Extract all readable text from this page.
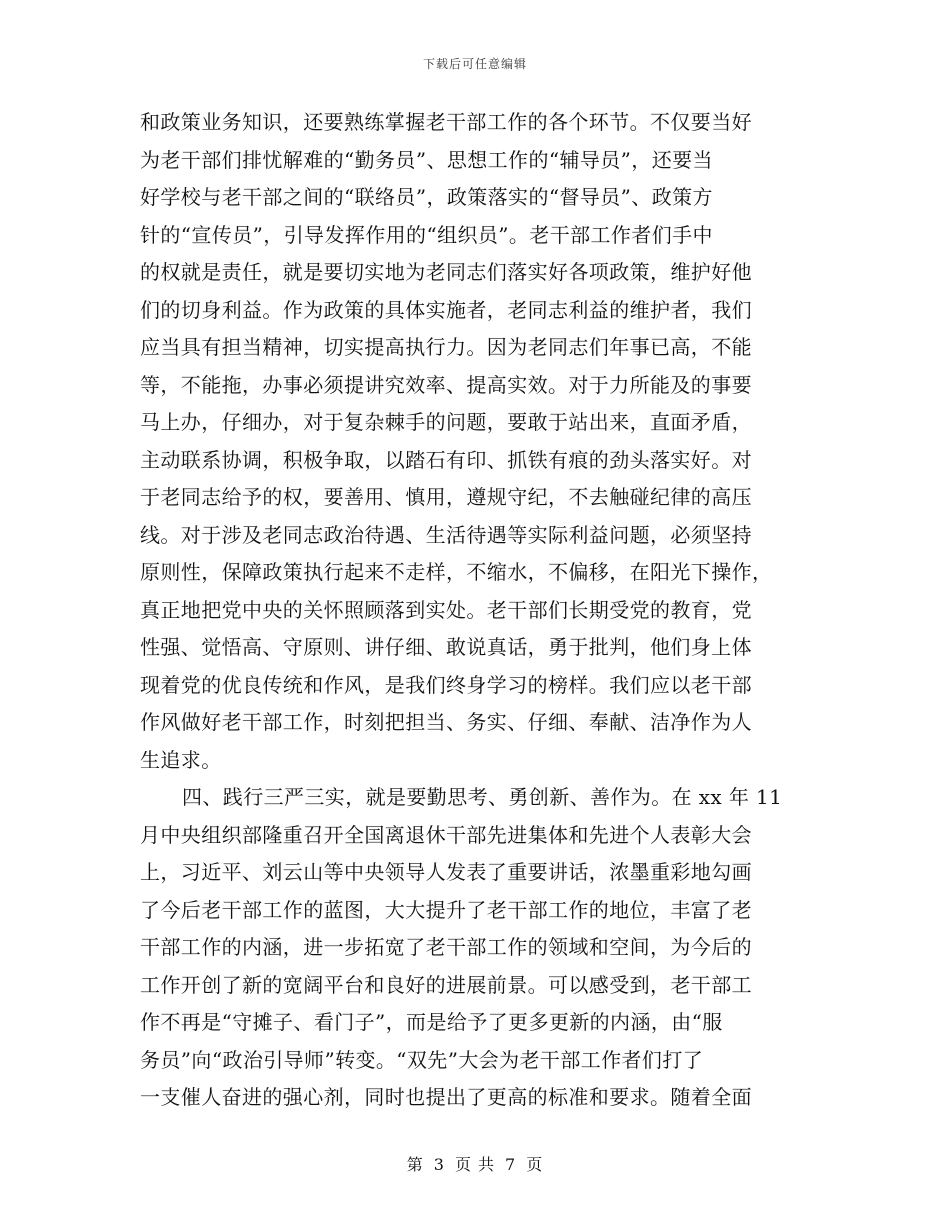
下载后可任意编辑
和政策业务知识，还要熟练掌握老干部工作的各个环节。不仅要当好
为老干部们排忧解难的“勤务员”、思想工作的“辅导员”，还要当
好学校与老干部之间的“联络员”，政策落实的“督导员”、政策方
针的“宣传员”，引导发挥作用的“组织员”。老干部工作者们手中
的权就是责任，就是要切实地为老同志们落实好各项政策，维护好他
们的切身利益。作为政策的具体实施者，老同志利益的维护者，我们
应当具有担当精神，切实提高执行力。因为老同志们年事已高，不能
等，不能拖，办事必须提讲究效率、提高实效。对于力所能及的事要
马上办，仔细办，对于复杂棘手的问题，要敢于站出来，直面矛盾，
主动联系协调，积极争取，以踏石有印、抓铁有痕的劲头落实好。对
于老同志给予的权，要善用、慎用，遵规守纪，不去触碰纪律的高压
线。对于涉及老同志政治待遇、生活待遇等实际利益问题，必须坚持
原则性，保障政策执行起来不走样，不缩水，不偏移，在阳光下操作，
真正地把党中央的关怀照顾落到实处。老干部们长期受党的教育，党
性强、觉悟高、守原则、讲仔细、敢说真话，勇于批判，他们身上体
现着党的优良传统和作风，是我们终身学习的榜样。我们应以老干部
作风做好老干部工作，时刻把担当、务实、仔细、奉献、洁净作为人
生追求。
四、践行三严三实，就是要勤思考、勇创新、善作为。在 xx 年 11
月中央组织部隆重召开全国离退休干部先进集体和先进个人表彰大会
上，习近平、刘云山等中央领导人发表了重要讲话，浓墨重彩地勾画
了今后老干部工作的蓝图，大大提升了老干部工作的地位，丰富了老
干部工作的内涵，进一步拓宽了老干部工作的领域和空间，为今后的
工作开创了新的宽阔平台和良好的进展前景。可以感受到，老干部工
作不再是“守摊子、看门子”，而是给予了更多更新的内涵，由“服
务员”向“政治引导师”转变。“双先”大会为老干部工作者们打了
一支催人奋进的强心剂，同时也提出了更高的标准和要求。随着全面
第 3 页 共 7 页
